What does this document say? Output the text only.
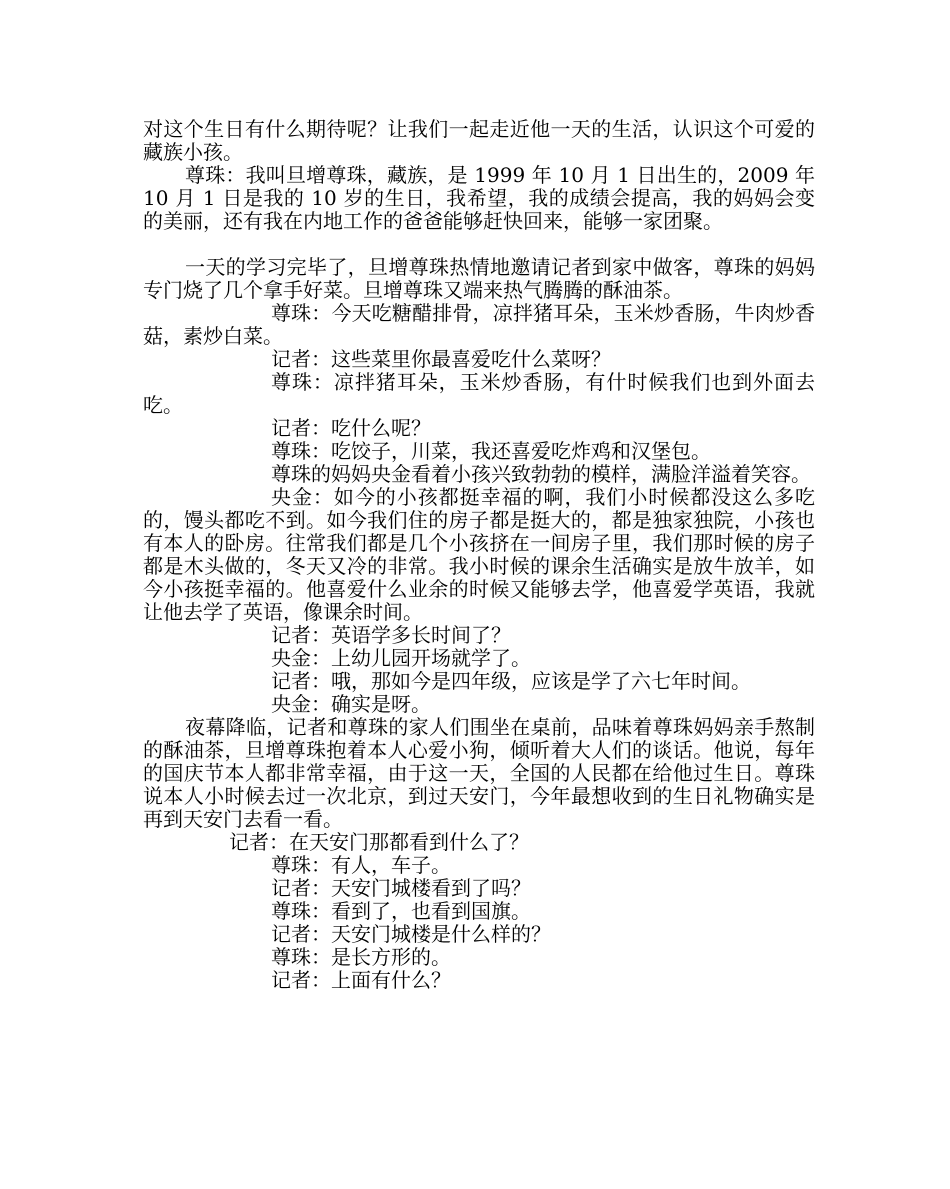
对这个生日有什么期待呢？让我们一起走近他一天的生活，认识这个可爱的藏族小孩。

尊珠：我叫旦增尊珠，藏族，是 1999 年 10 月 1 日出生的，2009 年 10 月 1 日是我的 10 岁的生日，我希望，我的成绩会提高，我的妈妈会变的美丽，还有我在内地工作的爸爸能够赶快回来，能够一家团聚。

一天的学习完毕了，旦增尊珠热情地邀请记者到家中做客，尊珠的妈妈专门烧了几个拿手好菜。旦增尊珠又端来热气腾腾的酥油茶。

尊珠：今天吃糖醋排骨，凉拌猪耳朵，玉米炒香肠，牛肉炒香菇，素炒白菜。

记者：这些菜里你最喜爱吃什么菜呀？

尊珠：凉拌猪耳朵，玉米炒香肠，有什时候我们也到外面去吃。

记者：吃什么呢？

尊珠：吃饺子，川菜，我还喜爱吃炸鸡和汉堡包。

尊珠的妈妈央金看着小孩兴致勃勃的模样，满脸洋溢着笑容。

央金：如今的小孩都挺幸福的啊，我们小时候都没这么多吃的，馒头都吃不到。如今我们住的房子都是挺大的，都是独家独院，小孩也有本人的卧房。往常我们都是几个小孩挤在一间房子里，我们那时候的房子都是木头做的，冬天又冷的非常。我小时候的课余生活确实是放牛放羊，如今小孩挺幸福的。他喜爱什么业余的时候又能够去学，他喜爱学英语，我就让他去学了英语，像课余时间。

记者：英语学多长时间了？

央金：上幼儿园开场就学了。

记者：哦，那如今是四年级，应该是学了六七年时间。

央金：确实是呀。

夜幕降临，记者和尊珠的家人们围坐在桌前，品味着尊珠妈妈亲手熬制的酥油茶，旦增尊珠抱着本人心爱小狗，倾听着大人们的谈话。他说，每年的国庆节本人都非常幸福，由于这一天，全国的人民都在给他过生日。尊珠说本人小时候去过一次北京，到过天安门，今年最想收到的生日礼物确实是再到天安门去看一看。

记者：在天安门那都看到什么了？

尊珠：有人，车子。

记者：天安门城楼看到了吗？

尊珠：看到了，也看到国旗。

记者：天安门城楼是什么样的？

尊珠：是长方形的。

记者：上面有什么？
